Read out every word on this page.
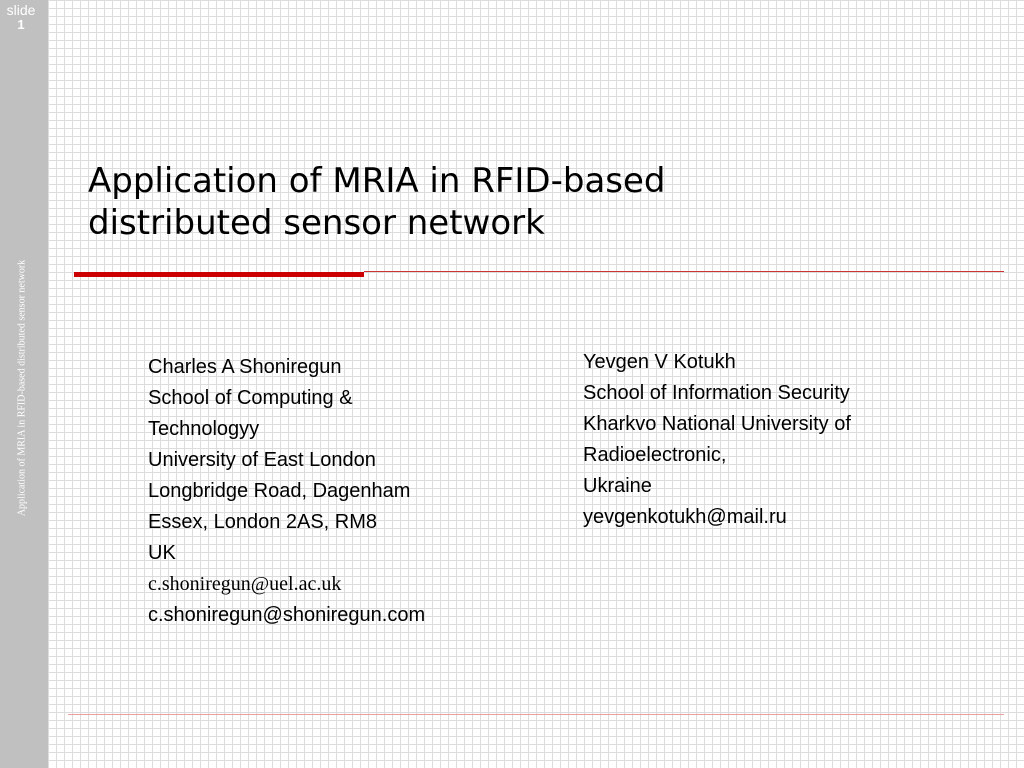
slide
1
Application of MRIA in RFID-based distributed sensor network
Application of MRIA in RFID-based
distributed sensor network
Charles A Shoniregun
School of Computing &
Technologyy
University of East London
Longbridge Road, Dagenham
Essex, London 2AS, RM8
UK
c.shoniregun@uel.ac.uk
c.shoniregun@shoniregun.com
Yevgen V Kotukh
School of Information Security
Kharkvo National University of
Radioelectronic,
Ukraine
yevgenkotukh@mail.ru
